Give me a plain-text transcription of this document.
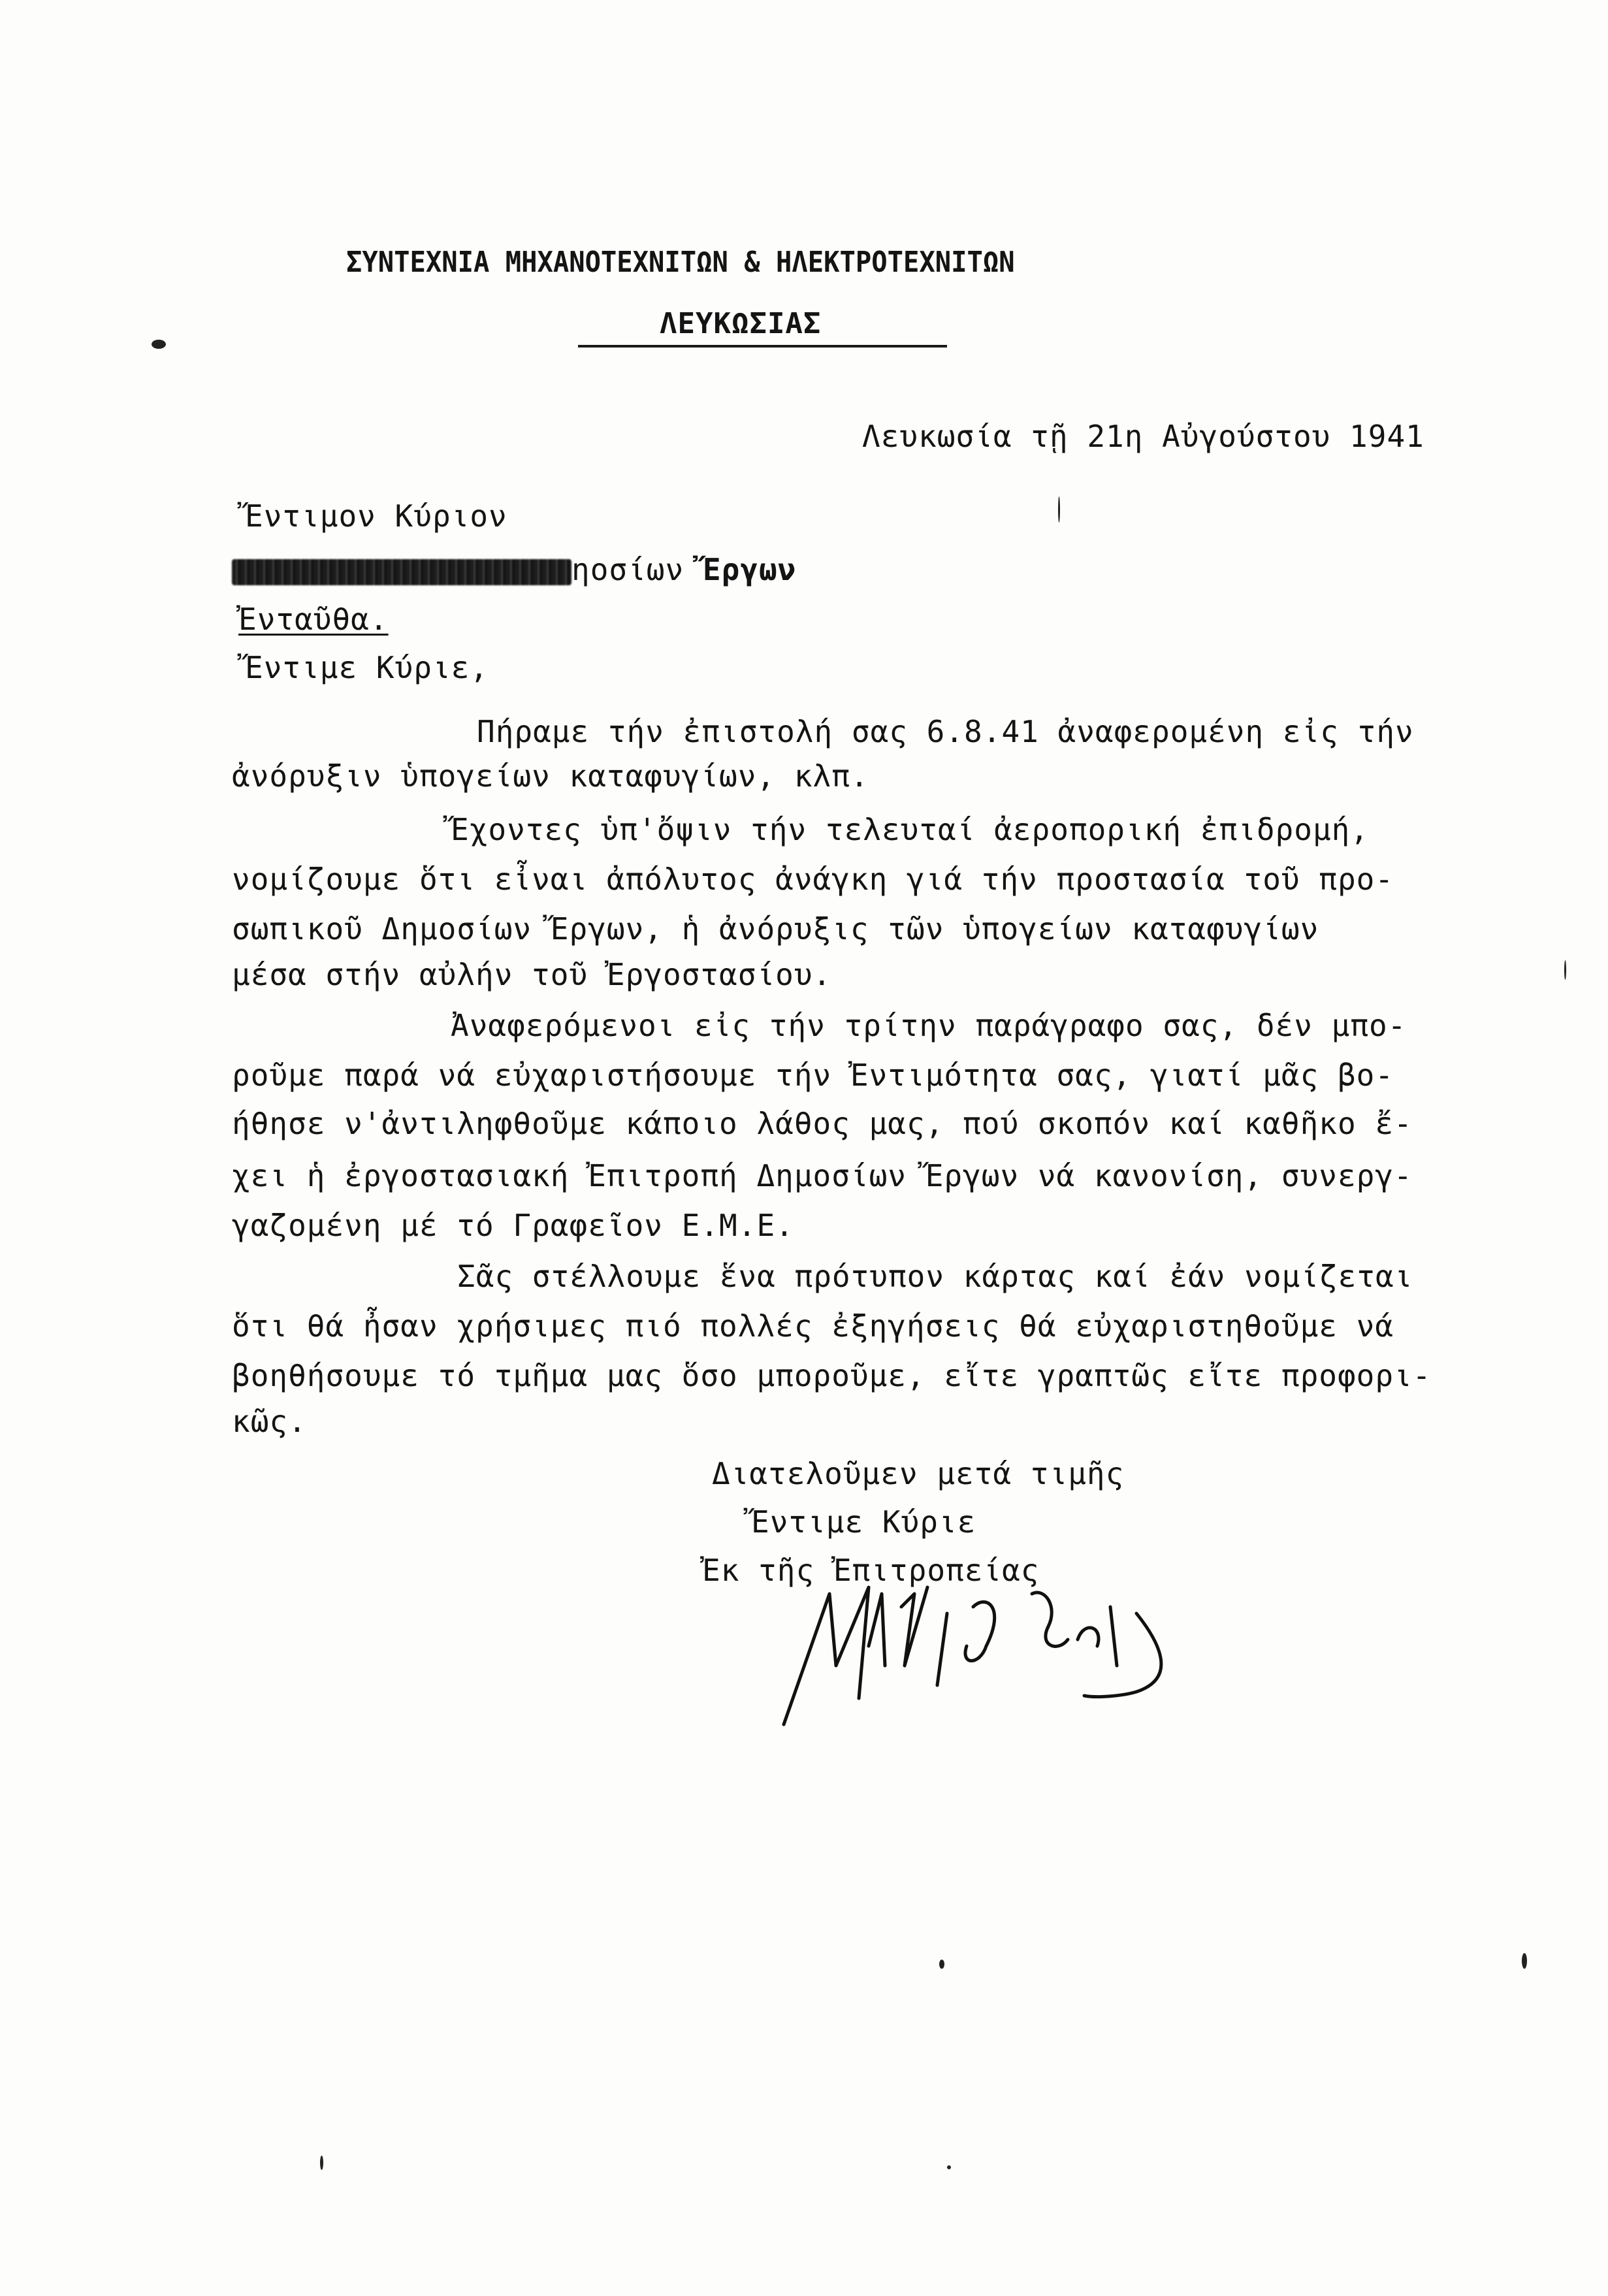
ΣΥΝΤΕΧΝΙΑ ΜΗΧΑΝΟΤΕΧΝΙΤΩΝ & ΗΛΕΚΤΡΟΤΕΧΝΙΤΩΝ
ΛΕΥΚΩΣΙΑΣ
Λευκωσία τῇ 21η Αὐγούστου 1941
Ἔντιμον Κύριον
ηοσίων Ἔργων
Ἐνταῦθα.
Ἔντιμε Κύριε,
Πήραμε τήν ἐπιστολή σας 6.8.41 ἀναφερομένη εἰς τήν
ἀνόρυξιν ὑπογείων καταφυγίων, κλπ.
Ἔχοντες ὑπ'ὄψιν τήν τελευταί ἀεροπορική ἐπιδρομή,
νομίζουμε ὅτι εἶναι ἀπόλυτος ἀνάγκη γιά τήν προστασία τοῦ προ-
σωπικοῦ Δημοσίων Ἔργων, ἡ ἀνόρυξις τῶν ὑπογείων καταφυγίων
μέσα στήν αὐλήν τοῦ Ἐργοστασίου.
Ἀναφερόμενοι εἰς τήν τρίτην παράγραφο σας, δέν μπο-
ροῦμε παρά νά εὐχαριστήσουμε τήν Ἐντιμότητα σας, γιατί μᾶς βο-
ήθησε ν'ἀντιληφθοῦμε κάποιο λάθος μας, πού σκοπόν καί καθῆκο ἔ-
χει ἡ ἐργοστασιακή Ἐπιτροπή Δημοσίων Ἔργων νά κανονίση, συνεργ-
γαζομένη μέ τό Γραφεῖον Ε.Μ.Ε.
Σᾶς στέλλουμε ἕνα πρότυπον κάρτας καί ἐάν νομίζεται
ὅτι θά ἦσαν χρήσιμες πιό πολλές ἐξηγήσεις θά εὐχαριστηθοῦμε νά
βοηθήσουμε τό τμῆμα μας ὅσο μποροῦμε, εἴτε γραπτῶς εἴτε προφορι-
κῶς.
Διατελοῦμεν μετά τιμῆς
Ἔντιμε Κύριε
Ἐκ τῆς Ἐπιτροπείας
